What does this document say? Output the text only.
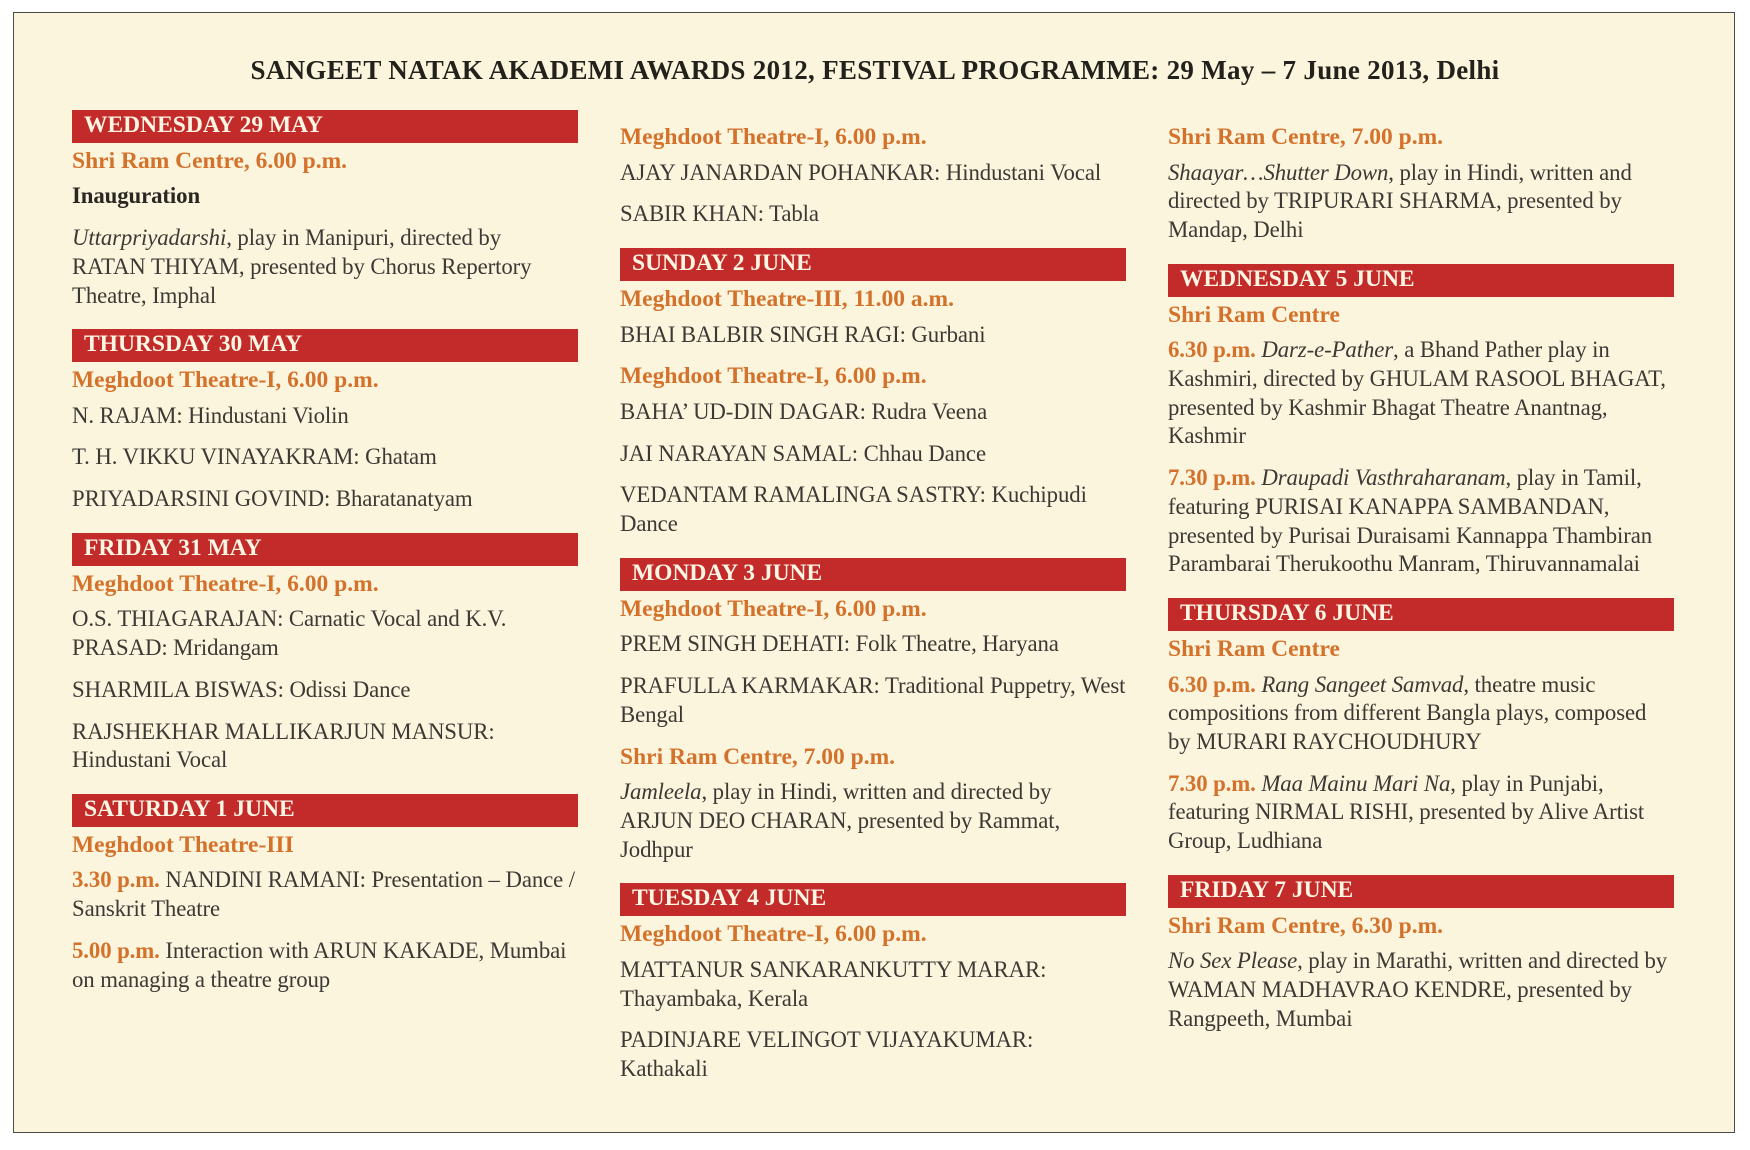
SANGEET NATAK AKADEMI AWARDS 2012, FESTIVAL PROGRAMME: 29 May – 7 June 2013, Delhi
WEDNESDAY 29 MAY

Shri Ram Centre, 6.00 p.m.

Inauguration

Uttarpriyadarshi, play in Manipuri, directed by RATAN THIYAM, presented by Chorus Repertory Theatre, Imphal

THURSDAY 30 MAY

Meghdoot Theatre-I, 6.00 p.m.

N. RAJAM: Hindustani Violin

T. H. VIKKU VINAYAKRAM: Ghatam

PRIYADARSINI GOVIND: Bharatanatyam

FRIDAY 31 MAY

Meghdoot Theatre-I, 6.00 p.m.

O.S. THIAGARAJAN: Carnatic Vocal and K.V. PRASAD: Mridangam

SHARMILA BISWAS: Odissi Dance

RAJSHEKHAR MALLIKARJUN MANSUR: Hindustani Vocal

SATURDAY 1 JUNE

Meghdoot Theatre-III

3.30 p.m. NANDINI RAMANI: Presentation – Dance / Sanskrit Theatre

5.00 p.m. Interaction with ARUN KAKADE, Mumbai on managing a theatre group

Meghdoot Theatre-I, 6.00 p.m.

AJAY JANARDAN POHANKAR: Hindustani Vocal

SABIR KHAN: Tabla

SUNDAY 2 JUNE

Meghdoot Theatre-III, 11.00 a.m.

BHAI BALBIR SINGH RAGI: Gurbani

Meghdoot Theatre-I, 6.00 p.m.

BAHA’ UD-DIN DAGAR: Rudra Veena

JAI NARAYAN SAMAL: Chhau Dance

VEDANTAM RAMALINGA SASTRY: Kuchipudi Dance

MONDAY 3 JUNE

Meghdoot Theatre-I, 6.00 p.m.

PREM SINGH DEHATI: Folk Theatre, Haryana

PRAFULLA KARMAKAR: Traditional Puppetry, West Bengal

Shri Ram Centre, 7.00 p.m.

Jamleela, play in Hindi, written and directed by ARJUN DEO CHARAN, presented by Rammat, Jodhpur

TUESDAY 4 JUNE

Meghdoot Theatre-I, 6.00 p.m.

MATTANUR SANKARANKUTTY MARAR: Thayambaka, Kerala

PADINJARE VELINGOT VIJAYAKUMAR: Kathakali

Shri Ram Centre, 7.00 p.m.

Shaayar…Shutter Down, play in Hindi, written and directed by TRIPURARI SHARMA, presented by Mandap, Delhi

WEDNESDAY 5 JUNE

Shri Ram Centre

6.30 p.m. Darz-e-Pather, a Bhand Pather play in Kashmiri, directed by GHULAM RASOOL BHAGAT, presented by Kashmir Bhagat Theatre Anantnag, Kashmir

7.30 p.m. Draupadi Vasthraharanam, play in Tamil, featuring PURISAI KANAPPA SAMBANDAN, presented by Purisai Duraisami Kannappa Thambiran Parambarai Therukoothu Manram, Thiruvannamalai

THURSDAY 6 JUNE

Shri Ram Centre

6.30 p.m. Rang Sangeet Samvad, theatre music compositions from different Bangla plays, composed by MURARI RAYCHOUDHURY

7.30 p.m. Maa Mainu Mari Na, play in Punjabi, featuring NIRMAL RISHI, presented by Alive Artist Group, Ludhiana

FRIDAY 7 JUNE

Shri Ram Centre, 6.30 p.m.

No Sex Please, play in Marathi, written and directed by WAMAN MADHAVRAO KENDRE, presented by Rangpeeth, Mumbai
